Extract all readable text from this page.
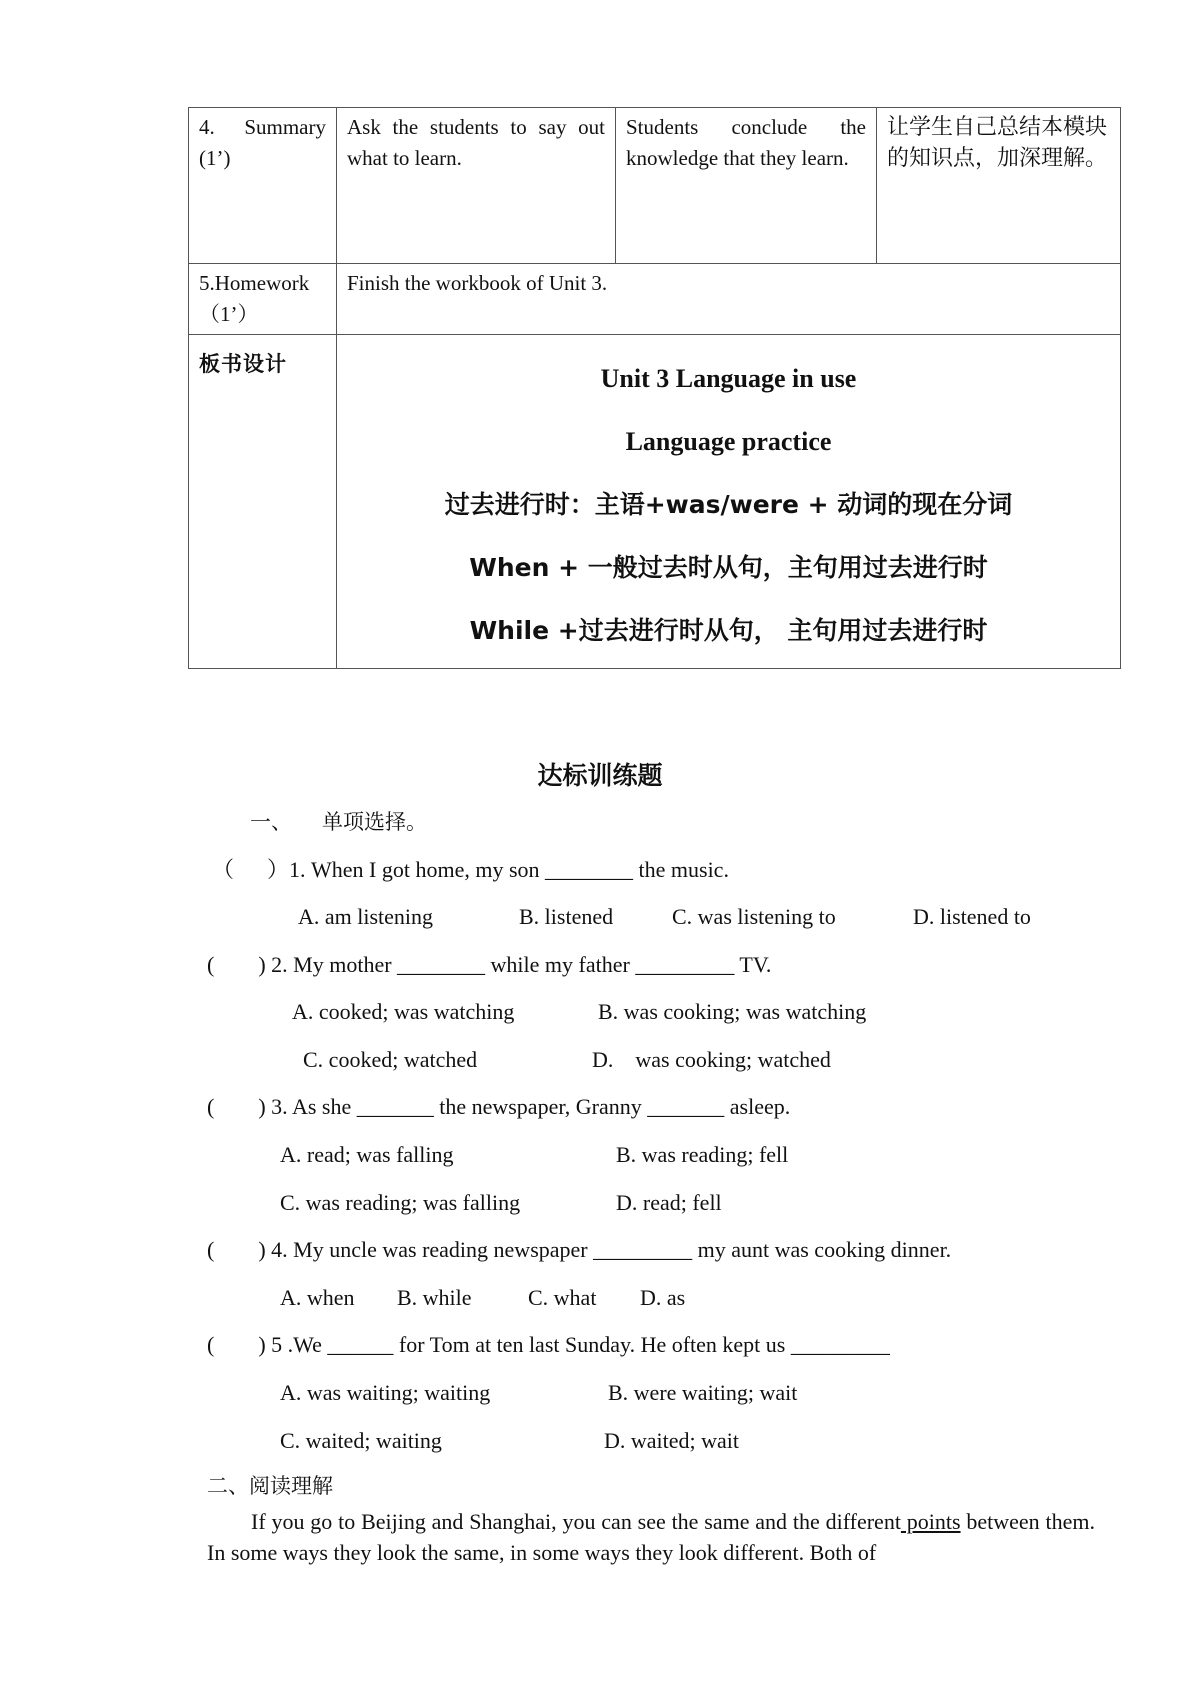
4. Summary (1’)	Ask the students to say out what to learn.	Students conclude the knowledge that they learn.	让学生自己总结本模块的知识点，加深理解。

5.Homework
（1’）	Finish the workbook of Unit 3.		
板书设计	Unit 3 Language in use
Language practice
过去进行时：主语+was/were + 动词的现在分词
When + 一般过去时从句，主句用过去进行时
While +过去进行时从句， 主句用过去进行时		
达标训练题
一、 单项选择。
（      ）1. When I got home, my son ________ the music.
A. am listening	B. listened	C. was listening to	D. listened to
(        ) 2. My mother ________ while my father _________ TV.
A. cooked; was watching	B. was cooking; was watching
C. cooked; watched	D.    was cooking; watched
(        ) 3. As she _______ the newspaper, Granny _______ asleep.
A. read; was falling	B. was reading; fell
C. was reading; was falling	D. read; fell
(        ) 4. My uncle was reading newspaper _________ my aunt was cooking dinner.
A. when B. while	C. what D. as
(        ) 5 .We ______ for Tom at ten last Sunday. He often kept us _________
A. was waiting; waiting	B. were waiting; wait
C. waited; waiting	D. waited; wait
二、阅读理解
If you go to Beijing and Shanghai, you can see the same and the different points between them. In some ways they look the same, in some ways they look different. Both of
